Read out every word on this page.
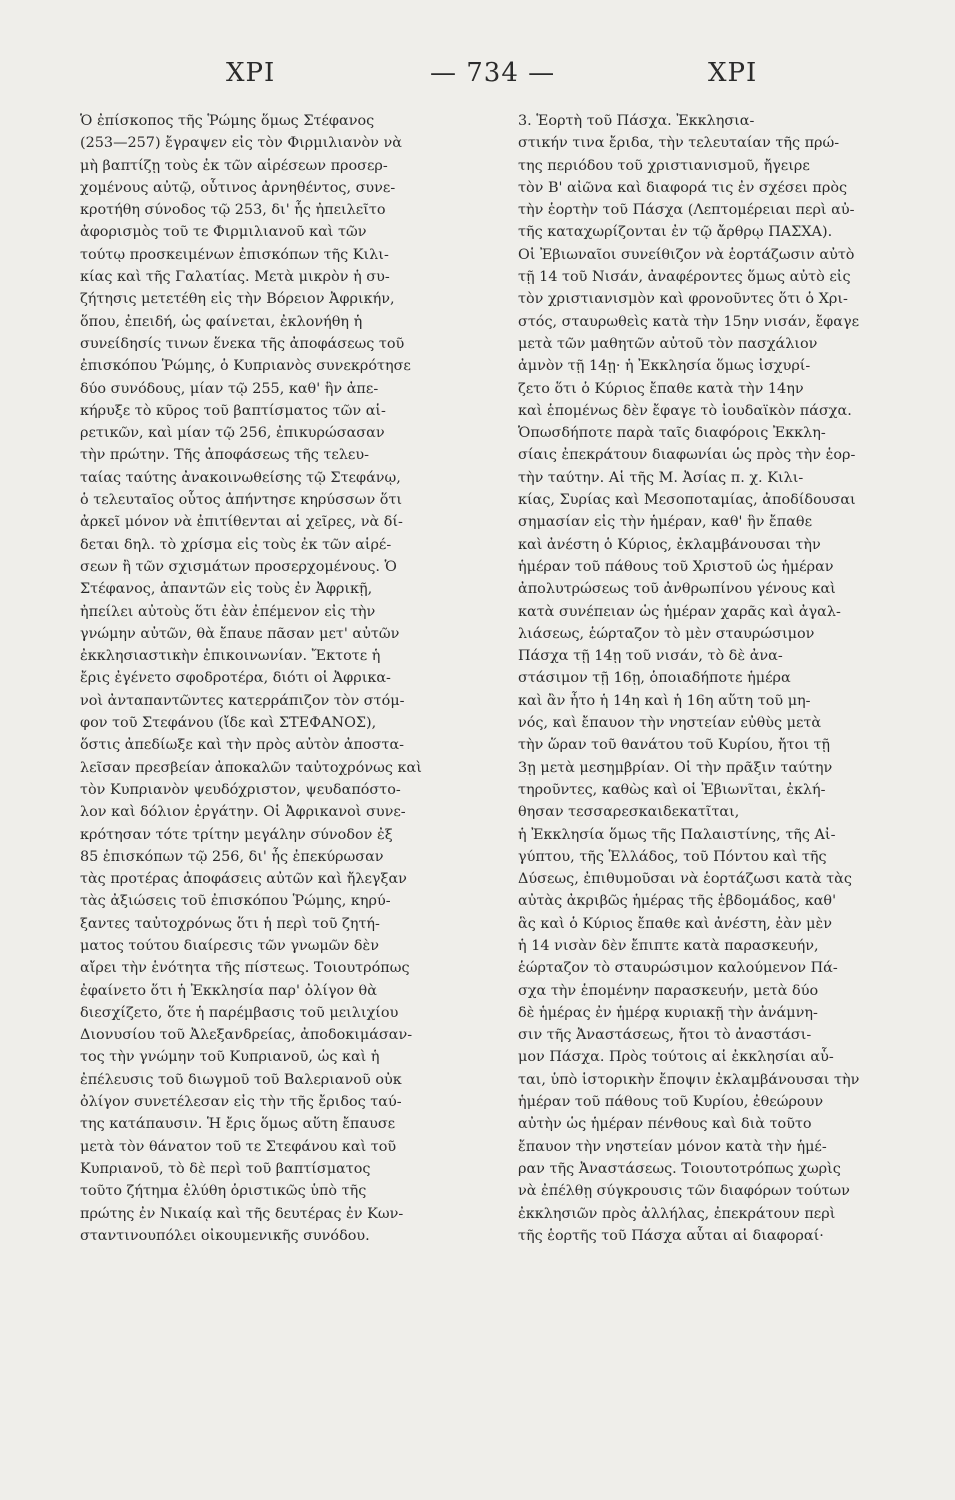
ΧΡΙ	— 734 —	ΧΡΙ
Ὁ ἐπίσκοπος τῆς Ῥώμης ὅμως Στέφανος
(253—257) ἔγραψεν εἰς τὸν Φιρμιλιανὸν νὰ
μὴ βαπτίζῃ τοὺς ἐκ τῶν αἱρέσεων προσερ-
χομένους αὐτῷ, οὗτινος ἀρνηθέντος, συνε-
κροτήθη σύνοδος τῷ 253, δι' ἧς ἠπειλεῖτο
ἀφορισμὸς τοῦ τε Φιρμιλιανοῦ καὶ τῶν
τούτῳ προσκειμένων ἐπισκόπων τῆς Κιλι-
κίας καὶ τῆς Γαλατίας. Μετὰ μικρὸν ἡ συ-
ζήτησις μετετέθη εἰς τὴν Βόρειον Ἀφρικήν,
ὅπου, ἐπειδή, ὡς φαίνεται, ἐκλονήθη ἡ
συνείδησίς τινων ἕνεκα τῆς ἀποφάσεως τοῦ
ἐπισκόπου Ῥώμης, ὁ Κυπριανὸς συνεκρότησε
δύο συνόδους, μίαν τῷ 255, καθ' ἣν ἀπε-
κήρυξε τὸ κῦρος τοῦ βαπτίσματος τῶν αἱ-
ρετικῶν, καὶ μίαν τῷ 256, ἐπικυρώσασαν
τὴν πρώτην. Τῆς ἀποφάσεως τῆς τελευ-
ταίας ταύτης ἀνακοινωθείσης τῷ Στεφάνῳ,
ὁ τελευταῖος οὗτος ἀπήντησε κηρύσσων ὅτι
ἀρκεῖ μόνον νὰ ἐπιτίθενται αἱ χεῖρες, νὰ δί-
δεται δηλ. τὸ χρίσμα εἰς τοὺς ἐκ τῶν αἱρέ-
σεων ἢ τῶν σχισμάτων προσερχομένους. Ὁ
Στέφανος, ἀπαντῶν εἰς τοὺς ἐν Ἀφρικῇ,
ἠπείλει αὐτοὺς ὅτι ἐὰν ἐπέμενον εἰς τὴν
γνώμην αὐτῶν, θὰ ἔπαυε πᾶσαν μετ' αὐτῶν
ἐκκλησιαστικὴν ἐπικοινωνίαν. Ἔκτοτε ἡ
ἔρις ἐγένετο σφοδροτέρα, διότι οἱ Ἀφρικα-
νοὶ ἀνταπαντῶντες κατερράπιζον τὸν στόμ-
φον τοῦ Στεφάνου (ἴδε καὶ ΣΤΕΦΑΝΟΣ),
ὅστις ἀπεδίωξε καὶ τὴν πρὸς αὐτὸν ἀποστα-
λεῖσαν πρεσβείαν ἀποκαλῶν ταὐτοχρόνως καὶ
τὸν Κυπριανὸν ψευδόχριστον, ψευδαπόστο-
λον καὶ δόλιον ἐργάτην. Οἱ Ἀφρικανοὶ συνε-
κρότησαν τότε τρίτην μεγάλην σύνοδον ἐξ
85 ἐπισκόπων τῷ 256, δι' ἧς ἐπεκύρωσαν
τὰς προτέρας ἀποφάσεις αὐτῶν καὶ ἤλεγξαν
τὰς ἀξιώσεις τοῦ ἐπισκόπου Ῥώμης, κηρύ-
ξαντες ταὐτοχρόνως ὅτι ἡ περὶ τοῦ ζητή-
ματος τούτου διαίρεσις τῶν γνωμῶν δὲν
αἴρει τὴν ἑνότητα τῆς πίστεως. Τοιουτρόπως
ἐφαίνετο ὅτι ἡ Ἐκκλησία παρ' ὀλίγον θὰ
διεσχίζετο, ὅτε ἡ παρέμβασις τοῦ μειλιχίου
Διονυσίου τοῦ Ἀλεξανδρείας, ἀποδοκιμάσαν-
τος τὴν γνώμην τοῦ Κυπριανοῦ, ὡς καὶ ἡ
ἐπέλευσις τοῦ διωγμοῦ τοῦ Βαλεριανοῦ οὐκ
ὀλίγον συνετέλεσαν εἰς τὴν τῆς ἔριδος ταύ-
της κατάπαυσιν. Ἡ ἔρις ὅμως αὕτη ἔπαυσε
μετὰ τὸν θάνατον τοῦ τε Στεφάνου καὶ τοῦ
Κυπριανοῦ, τὸ δὲ περὶ τοῦ βαπτίσματος
τοῦτο ζήτημα ἐλύθη ὁριστικῶς ὑπὸ τῆς
πρώτης ἐν Νικαίᾳ καὶ τῆς δευτέρας ἐν Κων-
σταντινουπόλει οἰκουμενικῆς συνόδου.
3. Ἑορτὴ τοῦ Πάσχα. Ἐκκλησια-
στικήν τινα ἔριδα, τὴν τελευταίαν τῆς πρώ-
της περιόδου τοῦ χριστιανισμοῦ, ἤγειρε
τὸν Β' αἰῶνα καὶ διαφορά τις ἐν σχέσει πρὸς
τὴν ἑορτὴν τοῦ Πάσχα (Λεπτομέρειαι περὶ αὐ-
τῆς καταχωρίζονται ἐν τῷ ἄρθρῳ ΠΑΣΧΑ).
Οἱ Ἐβιωναῖοι συνείθιζον νὰ ἑορτάζωσιν αὐτὸ
τῇ 14 τοῦ Νισάν, ἀναφέροντες ὅμως αὐτὸ εἰς
τὸν χριστιανισμὸν καὶ φρονοῦντες ὅτι ὁ Χρι-
στός, σταυρωθεὶς κατὰ τὴν 15ην νισάν, ἔφαγε
μετὰ τῶν μαθητῶν αὐτοῦ τὸν πασχάλιον
ἀμνὸν τῇ 14ῃ· ἡ Ἐκκλησία ὅμως ἰσχυρί-
ζετο ὅτι ὁ Κύριος ἔπαθε κατὰ τὴν 14ην
καὶ ἑπομένως δὲν ἔφαγε τὸ ἰουδαϊκὸν πάσχα.
Ὁπωσδήποτε παρὰ ταῖς διαφόροις Ἐκκλη-
σίαις ἐπεκράτουν διαφωνίαι ὡς πρὸς τὴν ἑορ-
τὴν ταύτην. Αἱ τῆς Μ. Ἀσίας π. χ. Κιλι-
κίας, Συρίας καὶ Μεσοποταμίας, ἀποδίδουσαι
σημασίαν εἰς τὴν ἡμέραν, καθ' ἣν ἔπαθε
καὶ ἀνέστη ὁ Κύριος, ἐκλαμβάνουσαι τὴν
ἡμέραν τοῦ πάθους τοῦ Χριστοῦ ὡς ἡμέραν
ἀπολυτρώσεως τοῦ ἀνθρωπίνου γένους καὶ
κατὰ συνέπειαν ὡς ἡμέραν χαρᾶς καὶ ἀγαλ-
λιάσεως, ἑώρταζον τὸ μὲν σταυρώσιμον
Πάσχα τῇ 14ῃ τοῦ νισάν, τὸ δὲ ἀνα-
στάσιμον τῇ 16ῃ, ὁποιαδήποτε ἡμέρα
καὶ ἂν ἦτο ἡ 14η καὶ ἡ 16η αὕτη τοῦ μη-
νός, καὶ ἔπαυον τὴν νηστείαν εὐθὺς μετὰ
τὴν ὥραν τοῦ θανάτου τοῦ Κυρίου, ἤτοι τῇ
3ῃ μετὰ μεσημβρίαν. Οἱ τὴν πρᾶξιν ταύτην
τηροῦντες, καθὼς καὶ οἱ Ἐβιωνῖται, ἐκλή-
θησαν τεσσαρεσκαιδεκατῖται,
ἡ Ἐκκλησία ὅμως τῆς Παλαιστίνης, τῆς Αἰ-
γύπτου, τῆς Ἑλλάδος, τοῦ Πόντου καὶ τῆς
Δύσεως, ἐπιθυμοῦσαι νὰ ἑορτάζωσι κατὰ τὰς
αὐτὰς ἀκριβῶς ἡμέρας τῆς ἑβδομάδος, καθ'
ἃς καὶ ὁ Κύριος ἔπαθε καὶ ἀνέστη, ἐὰν μὲν
ἡ 14 νισὰν δὲν ἔπιπτε κατὰ παρασκευήν,
ἑώρταζον τὸ σταυρώσιμον καλούμενον Πά-
σχα τὴν ἑπομένην παρασκευήν, μετὰ δύο
δὲ ἡμέρας ἐν ἡμέρᾳ κυριακῇ τὴν ἀνάμνη-
σιν τῆς Ἀναστάσεως, ἤτοι τὸ ἀναστάσι-
μον Πάσχα. Πρὸς τούτοις αἱ ἐκκλησίαι αὗ-
ται, ὑπὸ ἱστορικὴν ἔποψιν ἐκλαμβάνουσαι τὴν
ἡμέραν τοῦ πάθους τοῦ Κυρίου, ἐθεώρουν
αὐτὴν ὡς ἡμέραν πένθους καὶ διὰ τοῦτο
ἔπαυον τὴν νηστείαν μόνον κατὰ τὴν ἡμέ-
ραν τῆς Ἀναστάσεως. Τοιουτοτρόπως χωρὶς
νὰ ἐπέλθῃ σύγκρουσις τῶν διαφόρων τούτων
ἐκκλησιῶν πρὸς ἀλλήλας, ἐπεκράτουν περὶ
τῆς ἑορτῆς τοῦ Πάσχα αὗται αἱ διαφοραί·
